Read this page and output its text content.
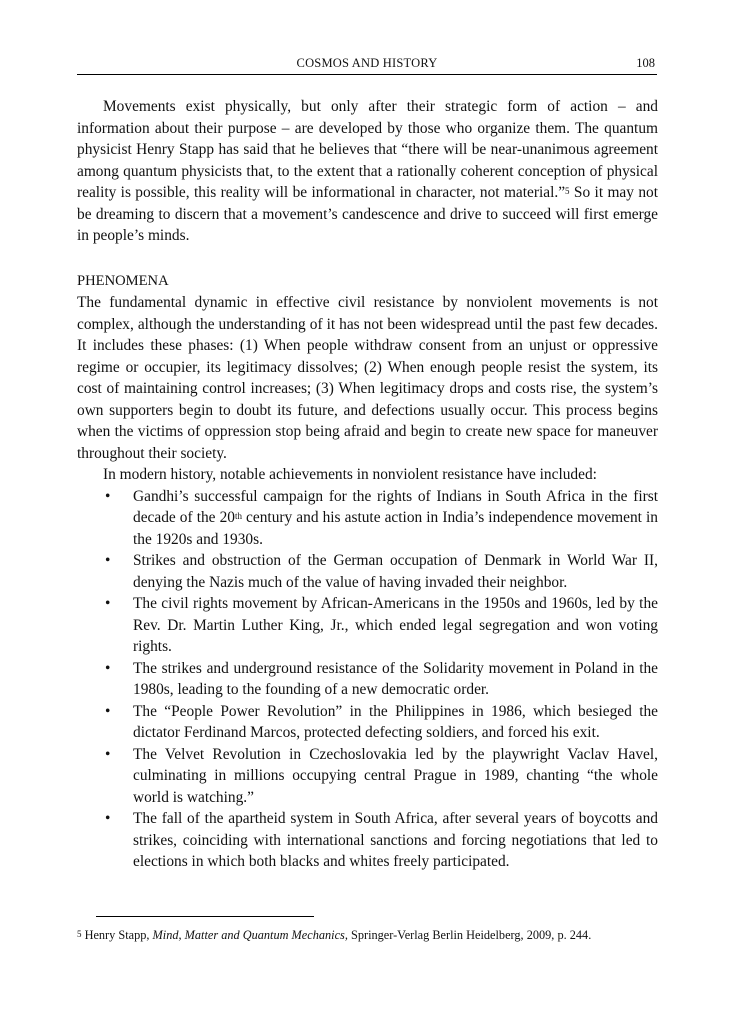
COSMOS AND HISTORY	108

Movements exist physically, but only after their strategic form of action – and information about their purpose – are developed by those who organize them. The quantum physicist Henry Stapp has said that he believes that “there will be near-unanimous agreement among quantum physicists that, to the extent that a rationally coherent conception of physical reality is possible, this reality will be informational in character, not material.”$^5$ So it may not be dreaming to discern that a movement’s candescence and drive to succeed will first emerge in people’s minds.

PHENOMENA

The fundamental dynamic in effective civil resistance by nonviolent movements is not complex, although the understanding of it has not been widespread until the past few decades. It includes these phases: (1) When people withdraw consent from an unjust or oppressive regime or occupier, its legitimacy dissolves; (2) When enough people resist the system, its cost of maintaining control increases; (3) When legitimacy drops and costs rise, the system’s own supporters begin to doubt its future, and defections usually occur. This process begins when the victims of oppression stop being afraid and begin to create new space for maneuver throughout their society.

In modern history, notable achievements in nonviolent resistance have included:

• Gandhi’s successful campaign for the rights of Indians in South Africa in the first decade of the 20th century and his astute action in India’s independence movement in the 1920s and 1930s.
• Strikes and obstruction of the German occupation of Denmark in World War II, denying the Nazis much of the value of having invaded their neighbor.
• The civil rights movement by African-Americans in the 1950s and 1960s, led by the Rev. Dr. Martin Luther King, Jr., which ended legal segregation and won voting rights.
• The strikes and underground resistance of the Solidarity movement in Poland in the 1980s, leading to the founding of a new democratic order.
• The “People Power Revolution” in the Philippines in 1986, which besieged the dictator Ferdinand Marcos, protected defecting soldiers, and forced his exit.
• The Velvet Revolution in Czechoslovakia led by the playwright Vaclav Havel, culminating in millions occupying central Prague in 1989, chanting “the whole world is watching.”
• The fall of the apartheid system in South Africa, after several years of boycotts and strikes, coinciding with international sanctions and forcing negotiations that led to elections in which both blacks and whites freely participated.
5 Henry Stapp, Mind, Matter and Quantum Mechanics, Springer-Verlag Berlin Heidelberg, 2009, p. 244.
